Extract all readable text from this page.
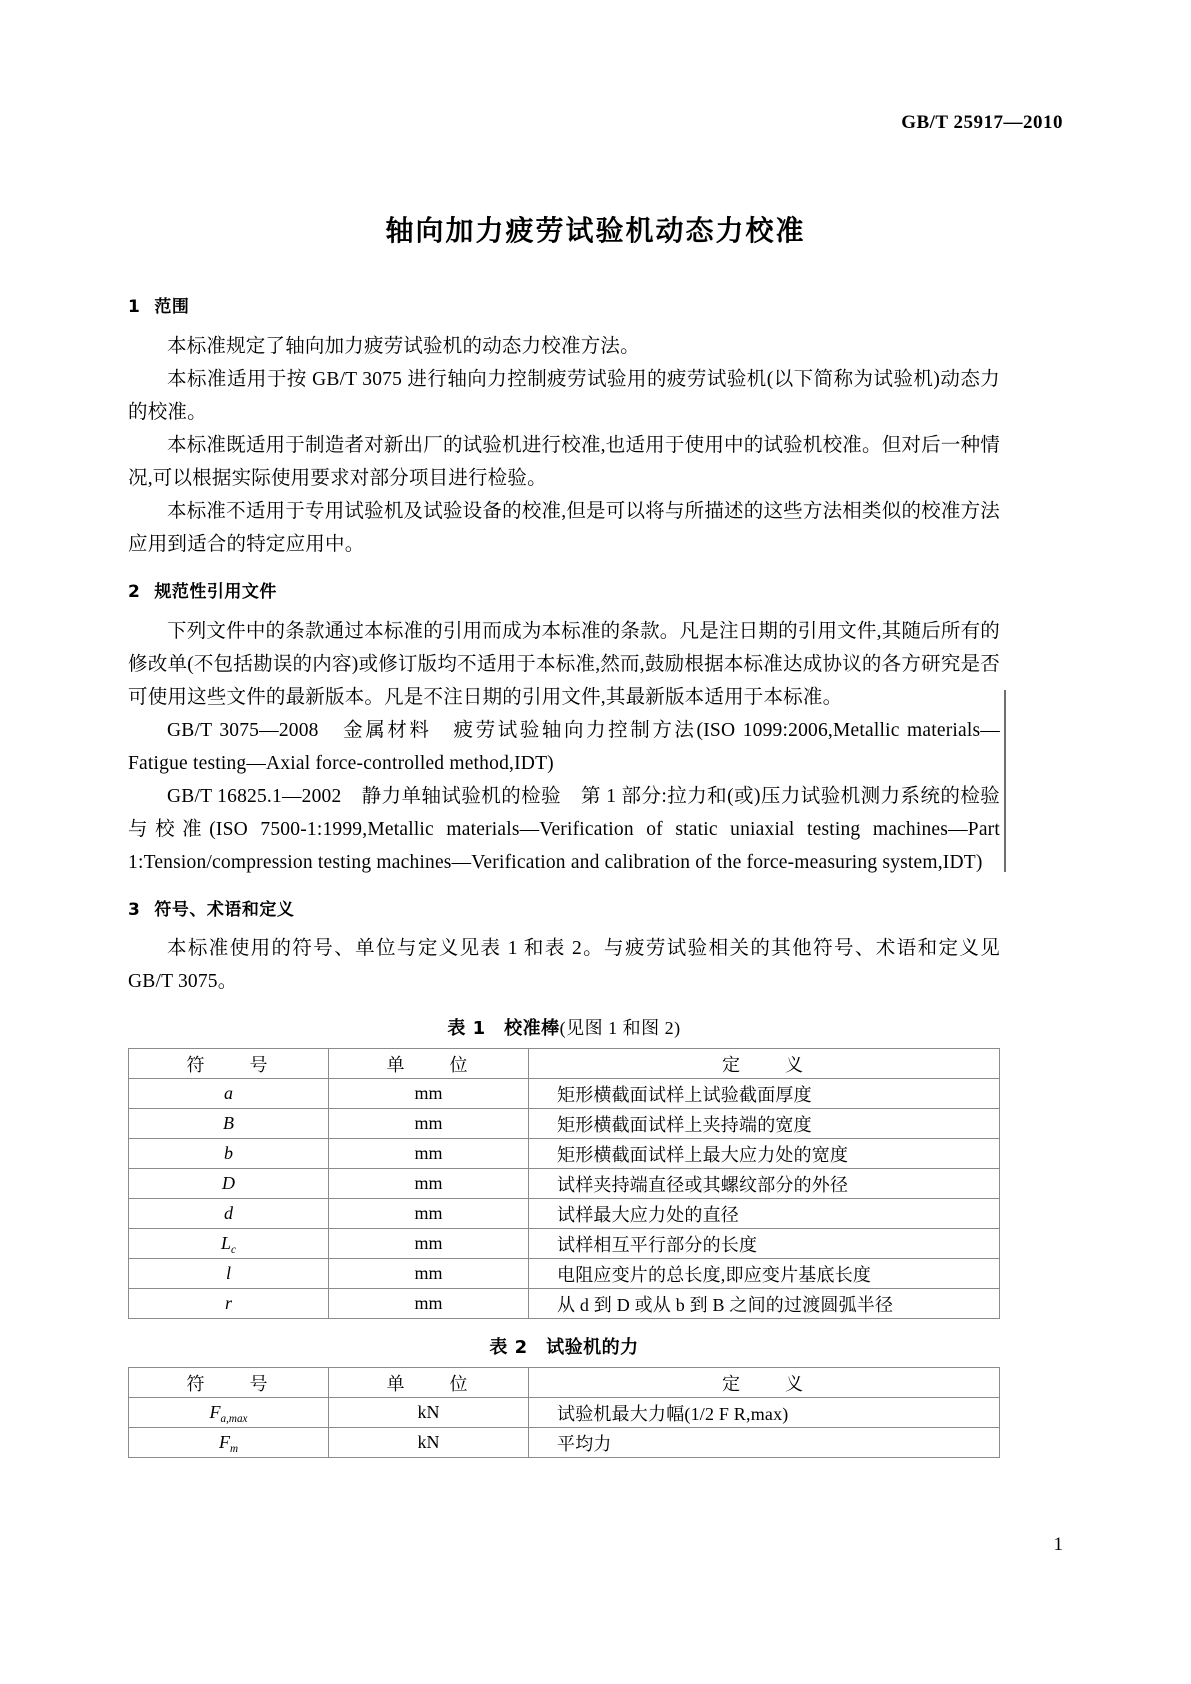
GB/T 25917—2010
轴向加力疲劳试验机动态力校准
1 范围

本标准规定了轴向加力疲劳试验机的动态力校准方法。

本标准适用于按 GB/T 3075 进行轴向力控制疲劳试验用的疲劳试验机(以下简称为试验机)动态力的校准。

本标准既适用于制造者对新出厂的试验机进行校准,也适用于使用中的试验机校准。但对后一种情况,可以根据实际使用要求对部分项目进行检验。

本标准不适用于专用试验机及试验设备的校准,但是可以将与所描述的这些方法相类似的校准方法应用到适合的特定应用中。

2 规范性引用文件

下列文件中的条款通过本标准的引用而成为本标准的条款。凡是注日期的引用文件,其随后所有的修改单(不包括勘误的内容)或修订版均不适用于本标准,然而,鼓励根据本标准达成协议的各方研究是否可使用这些文件的最新版本。凡是不注日期的引用文件,其最新版本适用于本标准。

GB/T 3075—2008　金属材料　疲劳试验轴向力控制方法(ISO 1099:2006,Metallic materials—Fatigue testing—Axial force-controlled method,IDT)

GB/T 16825.1—2002　静力单轴试验机的检验　第 1 部分:拉力和(或)压力试验机测力系统的检验与校准(ISO 7500-1:1999,Metallic materials—Verification of static uniaxial testing machines—Part 1:Tension/compression testing machines—Verification and calibration of the force-measuring system,IDT)

3 符号、术语和定义

本标准使用的符号、单位与定义见表 1 和表 2。与疲劳试验相关的其他符号、术语和定义见 GB/T 3075。

表 1　校准棒(见图 1 和图 2)
符　　号	单　　位	定　　义
a	mm	矩形横截面试样上试验截面厚度
B	mm	矩形横截面试样上夹持端的宽度
b	mm	矩形横截面试样上最大应力处的宽度
D	mm	试样夹持端直径或其螺纹部分的外径
d	mm	试样最大应力处的直径
$L_c$	mm	试样相互平行部分的长度
l	mm	电阻应变片的总长度,即应变片基底长度
r	mm	从 d 到 D 或从 b 到 B 之间的过渡圆弧半径
表 2　试验机的力
符　　号	单　　位	定　　义
$F_{a,max}$	kN	试验机最大力幅(1/2 F R,max)
$F_m$	kN	平均力
1
